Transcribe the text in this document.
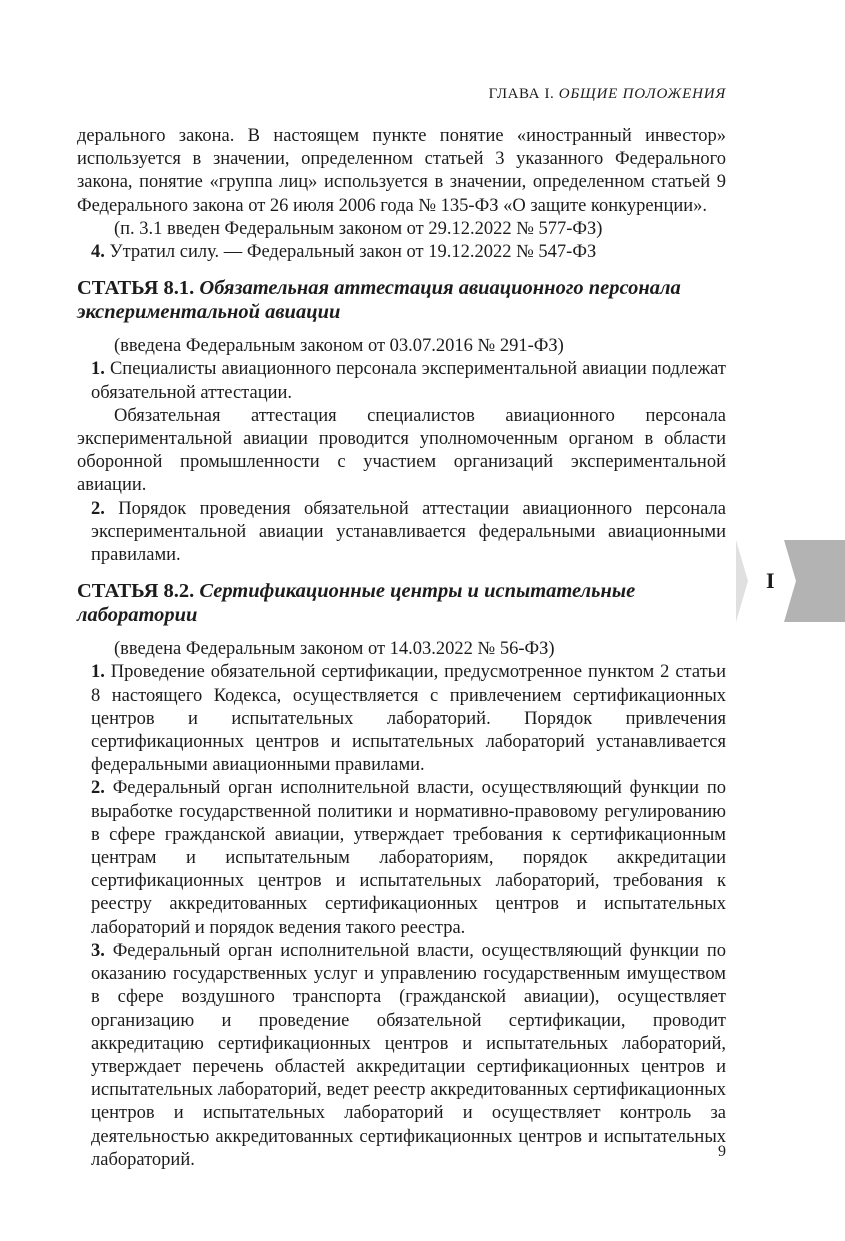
ГЛАВА I. ОБЩИЕ ПОЛОЖЕНИЯ

дерального закона. В настоящем пункте понятие «иностранный инвестор» используется в значении, определенном статьей 3 указанного Федерального закона, понятие «группа лиц» используется в значении, определенном статьей 9 Федерального закона от 26 июля 2006 года № 135-ФЗ «О защите конкуренции».

(п. 3.1 введен Федеральным законом от 29.12.2022 № 577-ФЗ)

4. Утратил силу. — Федеральный закон от 19.12.2022 № 547-ФЗ

СТАТЬЯ 8.1. Обязательная аттестация авиационного персонала экспериментальной авиации

(введена Федеральным законом от 03.07.2016 № 291-ФЗ)

1. Специалисты авиационного персонала экспериментальной авиации подлежат обязательной аттестации.

Обязательная аттестация специалистов авиационного персонала экспериментальной авиации проводится уполномоченным органом в области оборонной промышленности с участием организаций экспериментальной авиации.

2. Порядок проведения обязательной аттестации авиационного персонала экспериментальной авиации устанавливается федеральными авиационными правилами.

СТАТЬЯ 8.2. Сертификационные центры и испытательные лаборатории

(введена Федеральным законом от 14.03.2022 № 56-ФЗ)

1. Проведение обязательной сертификации, предусмотренное пунктом 2 статьи 8 настоящего Кодекса, осуществляется с привлечением сертификационных центров и испытательных лабораторий. Порядок привлечения сертификационных центров и испытательных лабораторий устанавливается федеральными авиационными правилами.

2. Федеральный орган исполнительной власти, осуществляющий функции по выработке государственной политики и нормативно-правовому регулированию в сфере гражданской авиации, утверждает требования к сертификационным центрам и испытательным лабораториям, порядок аккредитации сертификационных центров и испытательных лабораторий, требования к реестру аккредитованных сертификационных центров и испытательных лабораторий и порядок ведения такого реестра.

3. Федеральный орган исполнительной власти, осуществляющий функции по оказанию государственных услуг и управлению государственным имуществом в сфере воздушного транспорта (гражданской авиации), осуществляет организацию и проведение обязательной сертификации, проводит аккредитацию сертификационных центров и испытательных лабораторий, утверждает перечень областей аккредитации сертификационных центров и испытательных лабораторий, ведет реестр аккредитованных сертификационных центров и испытательных лабораторий и осуществляет контроль за деятельностью аккредитованных сертификационных центров и испытательных лабораторий.

I
9
